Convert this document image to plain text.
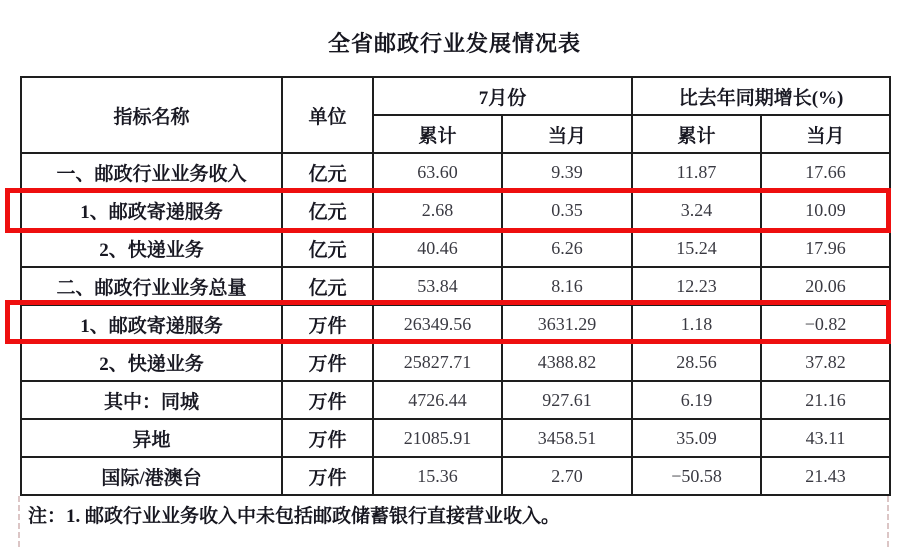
全省邮政行业发展情况表
指标名称	单位	7月份		比去年同期增长(%)	
		累计	当月	累计	当月
一、邮政行业业务收入	亿元	63.60	9.39	11.87	17.66
1、邮政寄递服务	亿元	2.68	0.35	3.24	10.09
2、快递业务	亿元	40.46	6.26	15.24	17.96
二、邮政行业业务总量	亿元	53.84	8.16	12.23	20.06
1、邮政寄递服务	万件	26349.56	3631.29	1.18	−0.82
2、快递业务	万件	25827.71	4388.82	28.56	37.82
其中：同城	万件	4726.44	927.61	6.19	21.16
异地	万件	21085.91	3458.51	35.09	43.11
国际/港澳台	万件	15.36	2.70	−50.58	21.43
注：1. 邮政行业业务收入中未包括邮政储蓄银行直接营业收入。
